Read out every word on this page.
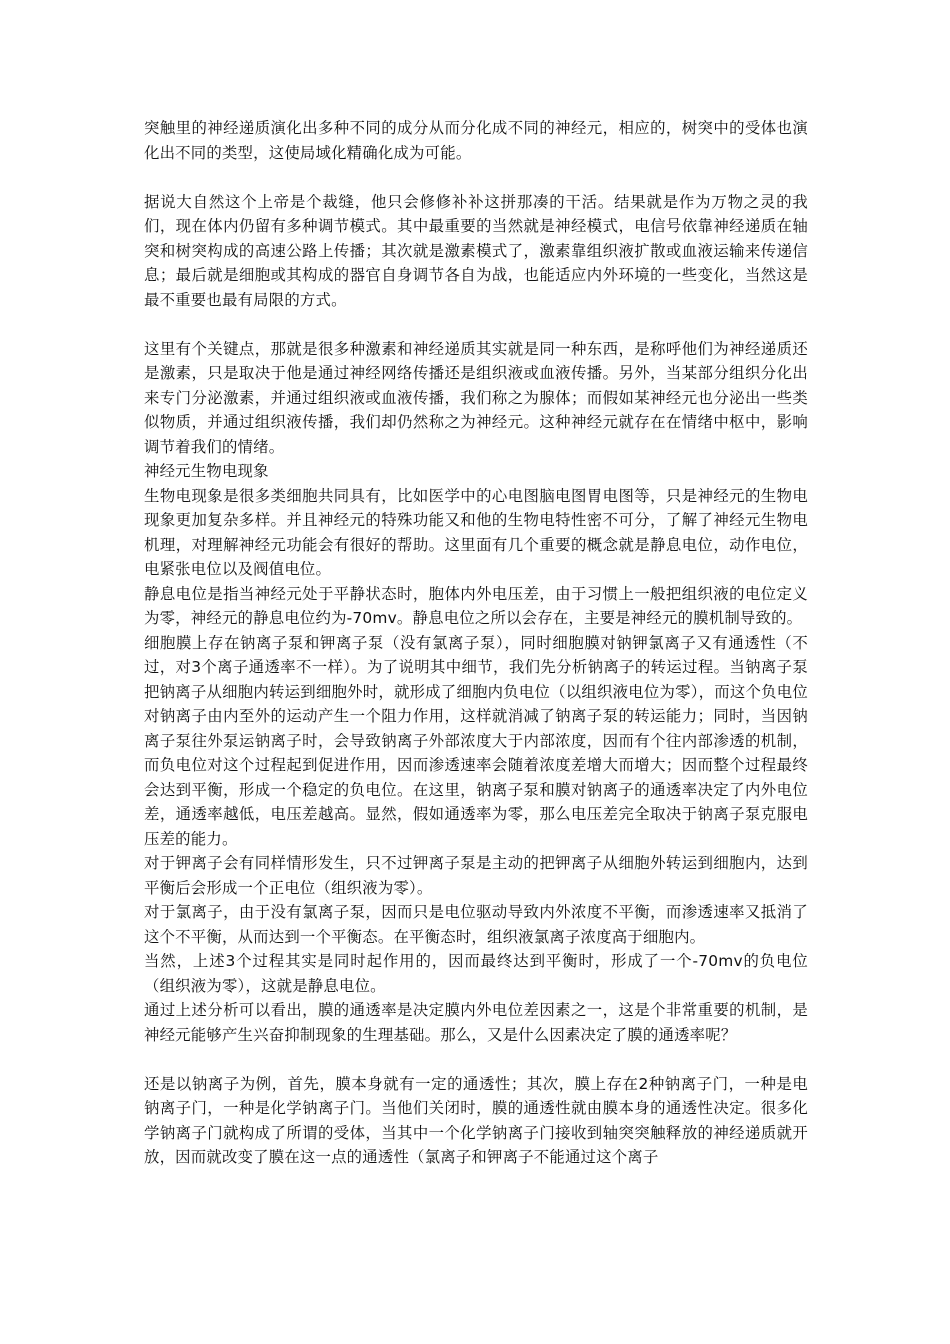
突触里的神经递质演化出多种不同的成分从而分化成不同的神经元，相应的，树突中的受体也演化出不同的类型，这使局域化精确化成为可能。

据说大自然这个上帝是个裁缝，他只会修修补补这拼那凑的干活。结果就是作为万物之灵的我们，现在体内仍留有多种调节模式。其中最重要的当然就是神经模式，电信号依靠神经递质在轴突和树突构成的高速公路上传播；其次就是激素模式了，激素靠组织液扩散或血液运输来传递信息；最后就是细胞或其构成的器官自身调节各自为战，也能适应内外环境的一些变化，当然这是最不重要也最有局限的方式。

这里有个关键点，那就是很多种激素和神经递质其实就是同一种东西，是称呼他们为神经递质还是激素，只是取决于他是通过神经网络传播还是组织液或血液传播。另外，当某部分组织分化出来专门分泌激素，并通过组织液或血液传播，我们称之为腺体；而假如某神经元也分泌出一些类似物质，并通过组织液传播，我们却仍然称之为神经元。这种神经元就存在在情绪中枢中，影响调节着我们的情绪。

神经元生物电现象

生物电现象是很多类细胞共同具有，比如医学中的心电图脑电图胃电图等，只是神经元的生物电现象更加复杂多样。并且神经元的特殊功能又和他的生物电特性密不可分，了解了神经元生物电机理，对理解神经元功能会有很好的帮助。这里面有几个重要的概念就是静息电位，动作电位，电紧张电位以及阀值电位。

静息电位是指当神经元处于平静状态时，胞体内外电压差，由于习惯上一般把组织液的电位定义为零，神经元的静息电位约为-70mv。静息电位之所以会存在，主要是神经元的膜机制导致的。

细胞膜上存在钠离子泵和钾离子泵（没有氯离子泵），同时细胞膜对钠钾氯离子又有通透性（不过，对3个离子通透率不一样）。为了说明其中细节，我们先分析钠离子的转运过程。当钠离子泵把钠离子从细胞内转运到细胞外时，就形成了细胞内负电位（以组织液电位为零），而这个负电位对钠离子由内至外的运动产生一个阻力作用，这样就消减了钠离子泵的转运能力；同时，当因钠离子泵往外泵运钠离子时，会导致钠离子外部浓度大于内部浓度，因而有个往内部渗透的机制，而负电位对这个过程起到促进作用，因而渗透速率会随着浓度差增大而增大；因而整个过程最终会达到平衡，形成一个稳定的负电位。在这里，钠离子泵和膜对钠离子的通透率决定了内外电位差，通透率越低，电压差越高。显然，假如通透率为零，那么电压差完全取决于钠离子泵克服电压差的能力。

对于钾离子会有同样情形发生，只不过钾离子泵是主动的把钾离子从细胞外转运到细胞内，达到平衡后会形成一个正电位（组织液为零）。

对于氯离子，由于没有氯离子泵，因而只是电位驱动导致内外浓度不平衡，而渗透速率又抵消了这个不平衡，从而达到一个平衡态。在平衡态时，组织液氯离子浓度高于细胞内。

当然，上述3个过程其实是同时起作用的，因而最终达到平衡时，形成了一个-70mv的负电位（组织液为零），这就是静息电位。

通过上述分析可以看出，膜的通透率是决定膜内外电位差因素之一，这是个非常重要的机制，是神经元能够产生兴奋抑制现象的生理基础。那么，又是什么因素决定了膜的通透率呢？

还是以钠离子为例，首先，膜本身就有一定的通透性；其次，膜上存在2种钠离子门，一种是电钠离子门，一种是化学钠离子门。当他们关闭时，膜的通透性就由膜本身的通透性决定。很多化学钠离子门就构成了所谓的受体，当其中一个化学钠离子门接收到轴突突触释放的神经递质就开放，因而就改变了膜在这一点的通透性（氯离子和钾离子不能通过这个离子
